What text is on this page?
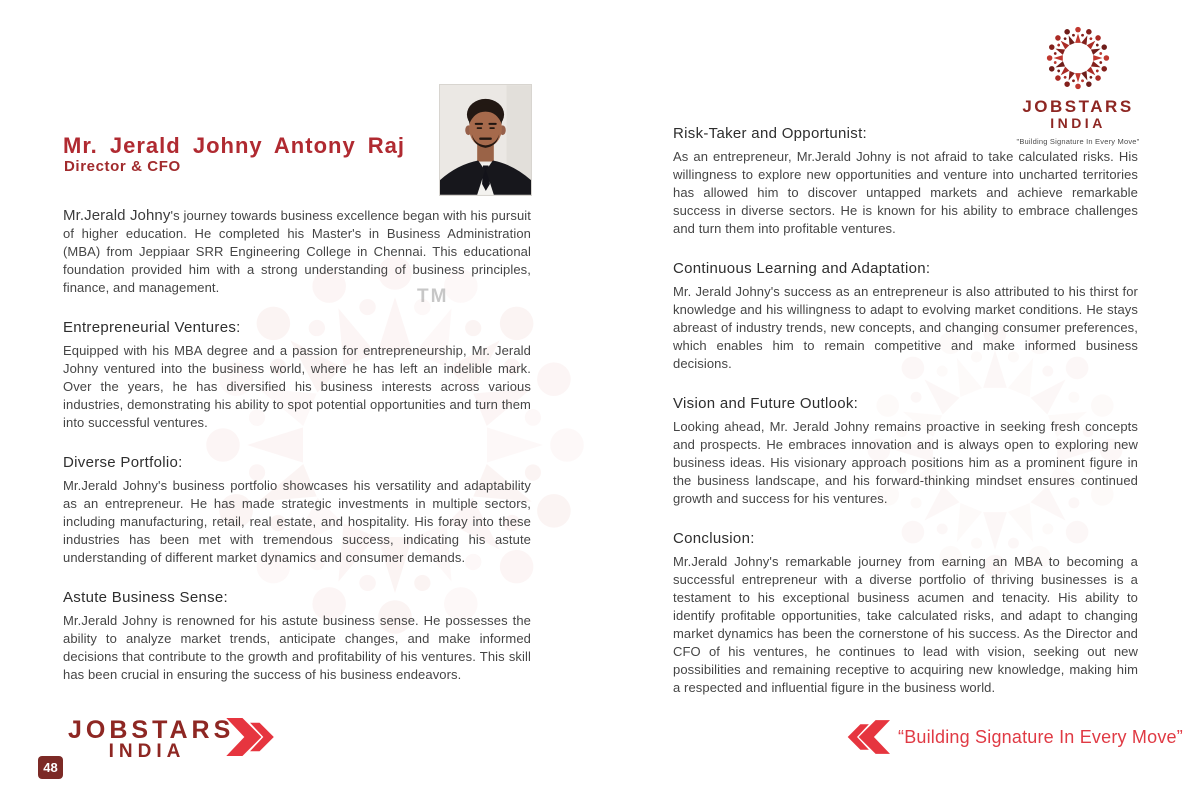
TM
JOBSTARS
INDIA
"Building Signature In Every Move"
Mr. Jerald Johny Antony Raj
Director & CFO

Mr.Jerald Johny's journey towards business excellence began with his pursuit of higher education. He completed his Master's in Business Administration (MBA) from Jeppiaar SRR Engineering College in Chennai. This educational foundation provided him with a strong understanding of business principles, finance, and management.

Entrepreneurial Ventures:

Equipped with his MBA degree and a passion for entrepreneurship, Mr. Jerald Johny ventured into the business world, where he has left an indelible mark. Over the years, he has diversified his business interests across various industries, demonstrating his ability to spot potential opportunities and turn them into successful ventures.

Diverse Portfolio:

Mr.Jerald Johny's business portfolio showcases his versatility and adaptability as an entrepreneur. He has made strategic investments in multiple sectors, including manufacturing, retail, real estate, and hospitality. His foray into these industries has been met with tremendous success, indicating his astute understanding of different market dynamics and consumer demands.

Astute Business Sense:

Mr.Jerald Johny is renowned for his astute business sense. He possesses the ability to analyze market trends, anticipate changes, and make informed decisions that contribute to the growth and profitability of his ventures. This skill has been crucial in ensuring the success of his business endeavors.

Risk-Taker and Opportunist:

As an entrepreneur, Mr.Jerald Johny is not afraid to take calculated risks. His willingness to explore new opportunities and venture into uncharted territories has allowed him to discover untapped markets and achieve remarkable success in diverse sectors. He is known for his ability to embrace challenges and turn them into profitable ventures.

Continuous Learning and Adaptation:

Mr. Jerald Johny's success as an entrepreneur is also attributed to his thirst for knowledge and his willingness to adapt to evolving market conditions. He stays abreast of industry trends, new concepts, and changing consumer preferences, which enables him to remain competitive and make informed business decisions.

Vision and Future Outlook:

Looking ahead, Mr. Jerald Johny remains proactive in seeking fresh concepts and prospects. He embraces innovation and is always open to exploring new business ideas. His visionary approach positions him as a prominent figure in the business landscape, and his forward-thinking mindset ensures continued growth and success for his ventures.

Conclusion:

Mr.Jerald Johny's remarkable journey from earning an MBA to becoming a successful entrepreneur with a diverse portfolio of thriving businesses is a testament to his exceptional business acumen and tenacity. His ability to identify profitable opportunities, take calculated risks, and adapt to changing market dynamics has been the cornerstone of his success. As the Director and CFO of his ventures, he continues to lead with vision, seeking out new possibilities and remaining receptive to acquiring new knowledge, making him a respected and influential figure in the business world.

JOBSTARS
INDIA
48
“Building Signature In Every Move”
